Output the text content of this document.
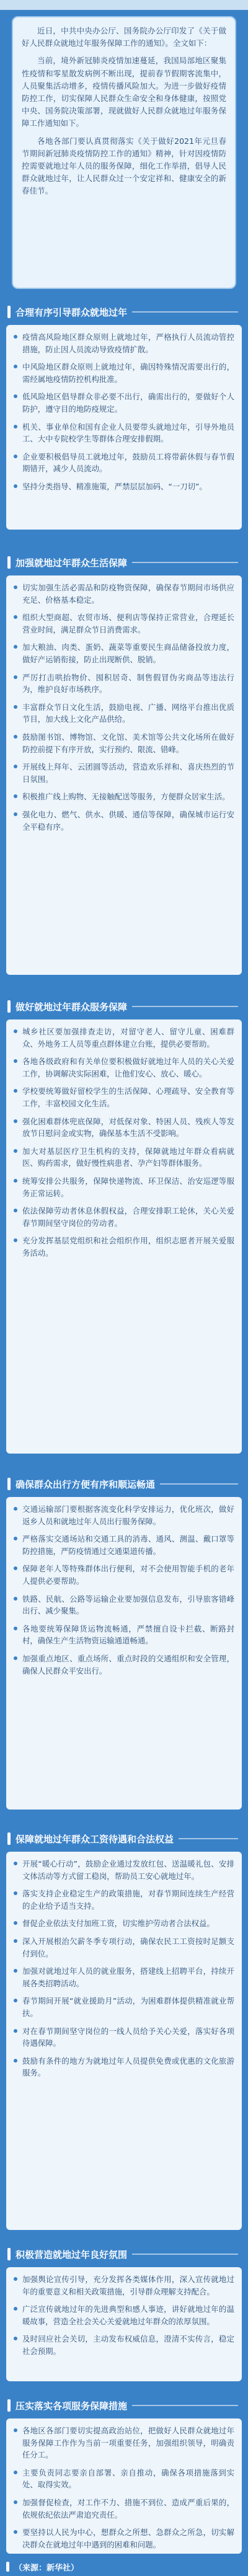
近日，中共中央办公厅、国务院办公厅印发了《关于做好人民群众就地过年服务保障工作的通知》。全文如下：

当前，境外新冠肺炎疫情加速蔓延，我国局部地区聚集性疫情和零星散发病例不断出现，提前春节假期客流集中，人员聚集活动增多，疫情传播风险加大。为进一步做好疫情防控工作，切实保障人民群众生命安全和身体健康，按照党中央、国务院决策部署，现就做好人民群众就地过年服务保障工作通知如下。

各地各部门要认真贯彻落实《关于做好2021年元旦春节期间新冠肺炎疫情防控工作的通知》精神，针对因疫情防控需要就地过年人员的服务保障，细化工作举措，倡导人民群众就地过年，让人民群众过一个安定祥和、健康安全的新春佳节。

合理有序引导群众就地过年
疫情高风险地区群众原则上就地过年，严格执行人员流动管控措施，防止因人员流动导致疫情扩散。
中风险地区群众原则上就地过年，确因特殊情况需要出行的，需经属地疫情防控机构批准。
低风险地区倡导群众非必要不出行，确需出行的，要做好个人防护，遵守目的地防疫规定。
机关、事业单位和国有企业人员要带头就地过年，引导外地员工、大中专院校学生等群体合理安排假期。
企业要积极倡导员工就地过年，鼓励员工将带薪休假与春节假期错开，减少人员流动。
坚持分类指导、精准施策，严禁层层加码、“一刀切”。
加强就地过年群众生活保障
切实加强生活必需品和防疫物资保障，确保春节期间市场供应充足、价格基本稳定。
组织大型商超、农贸市场、便利店等保持正常营业，合理延长营业时间，满足群众节日消费需求。
加大粮油、肉类、蛋奶、蔬菜等重要民生商品储备投放力度，做好产运销衔接，防止出现断供、脱销。
严厉打击哄抬物价、囤积居奇、制售假冒伪劣商品等违法行为，维护良好市场秩序。
丰富群众节日文化生活，鼓励电视、广播、网络平台推出优质节目，加大线上文化产品供给。
鼓励图书馆、博物馆、文化馆、美术馆等公共文化场所在做好防控前提下有序开放，实行预约、限流、错峰。
开展线上拜年、云团圆等活动，营造欢乐祥和、喜庆热烈的节日氛围。
积极推广线上购物、无接触配送等服务，方便群众居家生活。
强化电力、燃气、供水、供暖、通信等保障，确保城市运行安全平稳有序。
做好就地过年群众服务保障
城乡社区要加强排查走访，对留守老人、留守儿童、困难群众、外地务工人员等重点群体建立台账，提供必要帮助。
各地各级政府和有关单位要积极做好就地过年人员的关心关爱工作，协调解决实际困难，让他们安心、放心、暖心。
学校要统筹做好留校学生的生活保障、心理疏导、安全教育等工作，丰富校园文化生活。
强化困难群体兜底保障，对低保对象、特困人员、残疾人等发放节日慰问金或实物，确保基本生活不受影响。
加大对基层医疗卫生机构的支持，保障就地过年群众看病就医、购药需求，做好慢性病患者、孕产妇等群体服务。
统筹安排公共服务，保障快递物流、环卫保洁、治安巡逻等服务正常运转。
依法保障劳动者休息休假权益，合理安排职工轮休，关心关爱春节期间坚守岗位的劳动者。
充分发挥基层党组织和社会组织作用，组织志愿者开展关爱服务活动。
确保群众出行方便有序和顺运畅通
交通运输部门要根据客流变化科学安排运力，优化班次，做好返乡人员和就地过年人员出行服务保障。
严格落实交通场站和交通工具的消毒、通风、测温、戴口罩等防控措施，严防疫情通过交通渠道传播。
保障老年人等特殊群体出行便利，对不会使用智能手机的老年人提供必要帮助。
铁路、民航、公路等运输企业要加强信息发布，引导旅客错峰出行、减少聚集。
各地要统筹保障货运物流畅通，严禁擅自设卡拦截、断路封村，确保生产生活物资运输通道畅通。
加强重点地区、重点场所、重点时段的交通组织和安全管理，确保人民群众平安出行。
保障就地过年群众工资待遇和合法权益
开展“暖心行动”，鼓励企业通过发放红包、送温暖礼包、安排文体活动等方式留工稳岗，帮助员工安心就地过年。
落实支持企业稳定生产的政策措施，对春节期间连续生产经营的企业给予适当支持。
督促企业依法支付加班工资，切实维护劳动者合法权益。
深入开展根治欠薪冬季专项行动，确保农民工工资按时足额支付到位。
加强对就地过年人员的就业服务，搭建线上招聘平台，持续开展各类招聘活动。
春节期间开展“就业援助月”活动，为困难群体提供精准就业帮扶。
对在春节期间坚守岗位的一线人员给予关心关爱，落实好各项待遇保障。
鼓励有条件的地方为就地过年人员提供免费或优惠的文化旅游服务。
积极营造就地过年良好氛围
加强舆论宣传引导，充分发挥各类媒体作用，深入宣传就地过年的重要意义和相关政策措施，引导群众理解支持配合。
广泛宣传就地过年的先进典型和感人事迹，讲好就地过年的温暖故事，营造全社会关心关爱就地过年群众的浓厚氛围。
及时回应社会关切，主动发布权威信息，澄清不实传言，稳定社会预期。
压实落实各项服务保障措施
各地区各部门要切实提高政治站位，把做好人民群众就地过年服务保障工作作为当前一项重要任务，加强组织领导，明确责任分工。
主要负责同志要亲自部署、亲自推动，确保各项措施落到实处、取得实效。
加强督促检查，对工作不力、措施不到位、造成严重后果的，依规依纪依法严肃追究责任。
要坚持以人民为中心，想群众之所想、急群众之所急，切实解决群众在就地过年中遇到的困难和问题。
（来源：新华社）
